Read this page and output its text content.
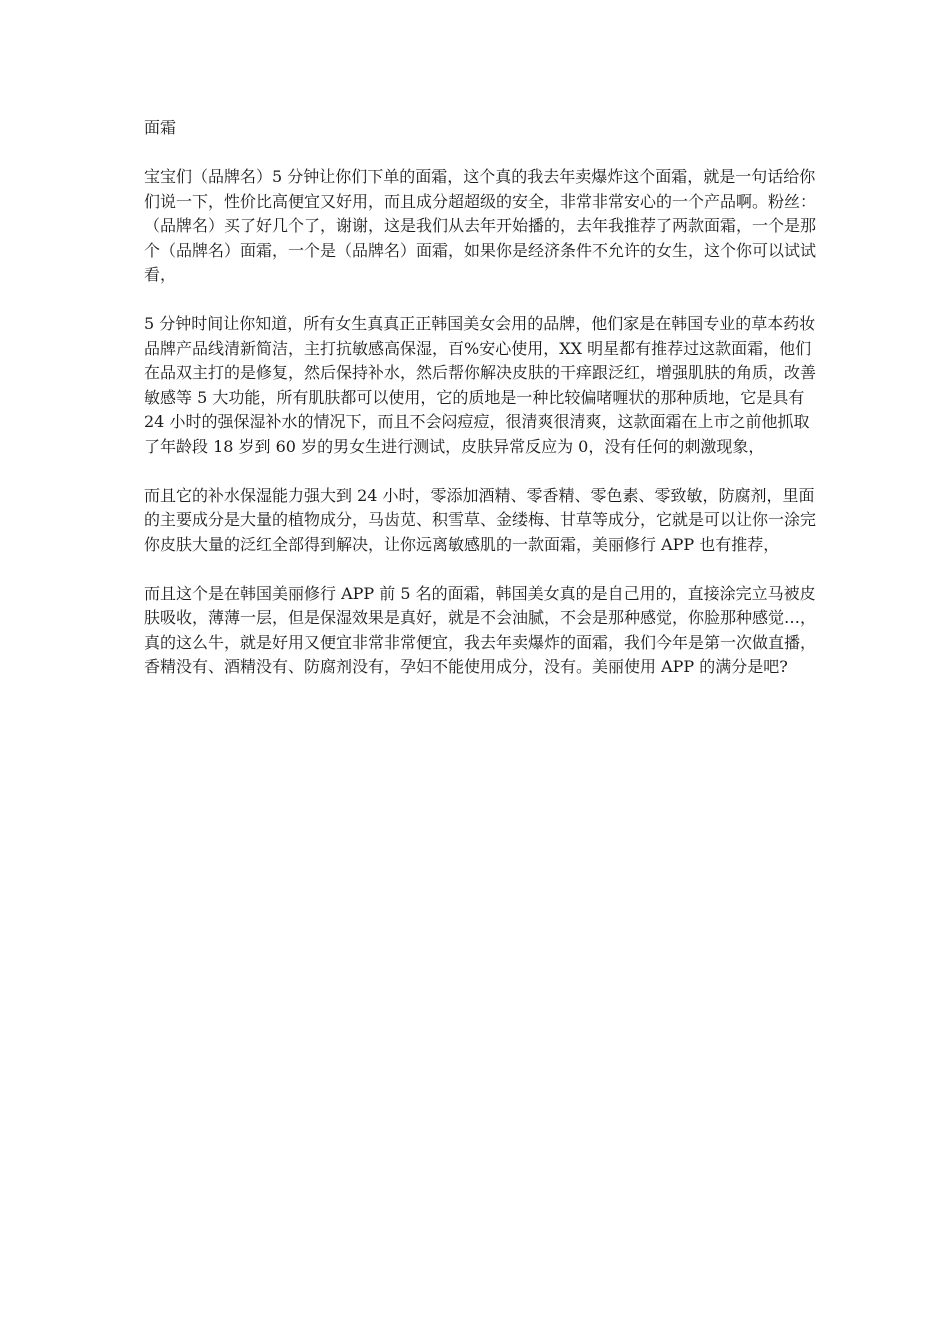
面霜

宝宝们（品牌名）5 分钟让你们下单的面霜，这个真的我去年卖爆炸这个面霜，就是一句话给你们说一下，性价比高便宜又好用，而且成分超超级的安全，非常非常安心的一个产品啊。粉丝：（品牌名）买了好几个了，谢谢，这是我们从去年开始播的，去年我推荐了两款面霜，一个是那个（品牌名）面霜，一个是（品牌名）面霜，如果你是经济条件不允许的女生，这个你可以试试看，

5 分钟时间让你知道，所有女生真真正正韩国美女会用的品牌，他们家是在韩国专业的草本药妆品牌产品线清新简洁，主打抗敏感高保湿，百%安心使用，XX 明星都有推荐过这款面霜，他们在品双主打的是修复，然后保持补水，然后帮你解决皮肤的干痒跟泛红，增强肌肤的角质，改善敏感等 5 大功能，所有肌肤都可以使用，它的质地是一种比较偏啫喱状的那种质地，它是具有 24 小时的强保湿补水的情况下，而且不会闷痘痘，很清爽很清爽，这款面霜在上市之前他抓取了年龄段 18 岁到 60 岁的男女生进行测试，皮肤异常反应为 0，没有任何的刺激现象，

而且它的补水保湿能力强大到 24 小时，零添加酒精、零香精、零色素、零致敏，防腐剂，里面的主要成分是大量的植物成分，马齿苋、积雪草、金缕梅、甘草等成分，它就是可以让你一涂完你皮肤大量的泛红全部得到解决，让你远离敏感肌的一款面霜，美丽修行 APP 也有推荐，

而且这个是在韩国美丽修行 APP 前 5 名的面霜，韩国美女真的是自己用的，直接涂完立马被皮肤吸收，薄薄一层，但是保湿效果是真好，就是不会油腻，不会是那种感觉，你脸那种感觉…，真的这么牛，就是好用又便宜非常非常便宜，我去年卖爆炸的面霜，我们今年是第一次做直播，香精没有、酒精没有、防腐剂没有，孕妇不能使用成分，没有。美丽使用 APP 的满分是吧?
